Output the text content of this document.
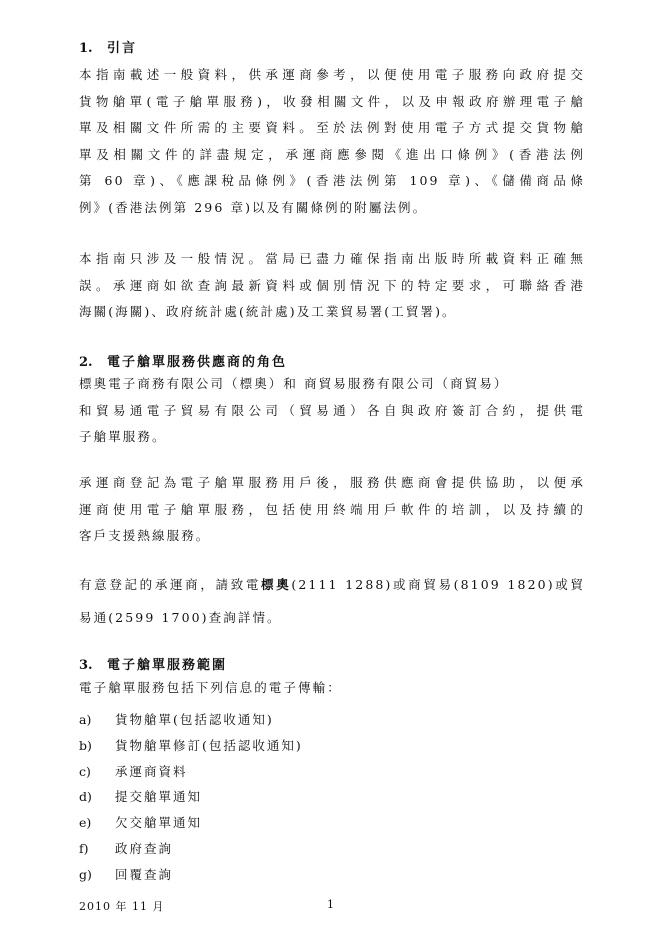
1. 引言
本指南載述一般資料，供承運商參考，以便使用電子服務向政府提交
貨物艙單(電子艙單服務)，收發相關文件，以及申報政府辦理電子艙
單及相關文件所需的主要資料。至於法例對使用電子方式提交貨物艙
單及相關文件的詳盡規定，承運商應參閱《進出口條例》(香港法例
第 60 章)、《應課稅品條例》(香港法例第 109 章)、《儲備商品條
例》(香港法例第 296 章)以及有關條例的附屬法例。
本指南只涉及一般情況。當局已盡力確保指南出版時所載資料正確無
誤。承運商如欲查詢最新資料或個別情況下的特定要求，可聯絡香港
海關(海關)、政府統計處(統計處)及工業貿易署(工貿署)。
2. 電子艙單服務供應商的角色
標奧電子商務有限公司（標奧）和 商貿易服務有限公司（商貿易）
和貿易通電子貿易有限公司（貿易通）各自與政府簽訂合約，提供電
子艙單服務。
承運商登記為電子艙單服務用戶後，服務供應商會提供協助，以便承
運商使用電子艙單服務，包括使用終端用戶軟件的培訓，以及持續的
客戶支援熱線服務。
有意登記的承運商，請致電標奧(2111 1288)或商貿易(8109 1820)或貿
易通(2599 1700)查詢詳情。
3. 電子艙單服務範圍
電子艙單服務包括下列信息的電子傳輸：
a) 貨物艙單(包括認收通知)
b) 貨物艙單修訂(包括認收通知)
c) 承運商資料
d) 提交艙單通知
e) 欠交艙單通知
f) 政府查詢
g) 回覆查詢
2010 年 11 月	1
